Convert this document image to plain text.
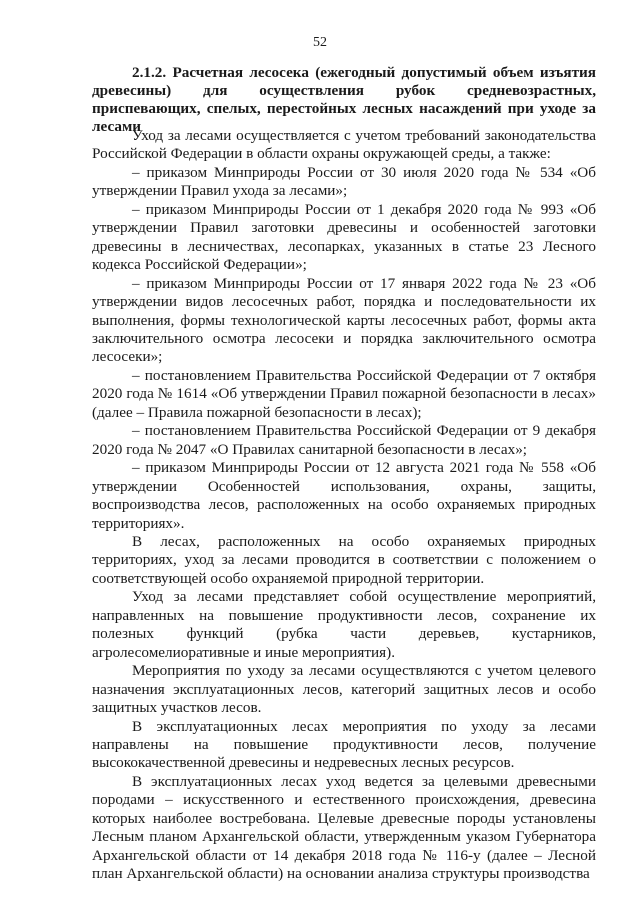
52
2.1.2. Расчетная лесосека (ежегодный допустимый объем изъятия древесины) для осуществления рубок средневозрастных, приспевающих, спелых, перестойных лесных насаждений при уходе за лесами

Уход за лесами осуществляется с учетом требований законодательства Российской Федерации в области охраны окружающей среды, а также:

– приказом Минприроды России от 30 июля 2020 года № 534 «Об утверждении Правил ухода за лесами»;

– приказом Минприроды России от 1 декабря 2020 года № 993 «Об утверждении Правил заготовки древесины и особенностей заготовки древесины в лесничествах, лесопарках, указанных в статье 23 Лесного кодекса Российской Федерации»;

– приказом Минприроды России от 17 января 2022 года № 23 «Об утверждении видов лесосечных работ, порядка и последовательности их выполнения, формы технологической карты лесосечных работ, формы акта заключительного осмотра лесосеки и порядка заключительного осмотра лесосеки»;

– постановлением Правительства Российской Федерации от 7 октября 2020 года № 1614 «Об утверждении Правил пожарной безопасности в лесах» (далее – Правила пожарной безопасности в лесах);

– постановлением Правительства Российской Федерации от 9 декабря 2020 года № 2047 «О Правилах санитарной безопасности в лесах»;

– приказом Минприроды России от 12 августа 2021 года № 558 «Об утверждении Особенностей использования, охраны, защиты, воспроизводства лесов, расположенных на особо охраняемых природных территориях».

В лесах, расположенных на особо охраняемых природных территориях, уход за лесами проводится в соответствии с положением о соответствующей особо охраняемой природной территории.

Уход за лесами представляет собой осуществление мероприятий, направленных на повышение продуктивности лесов, сохранение их полезных функций (рубка части деревьев, кустарников, агролесомелиоративные и иные мероприятия).

Мероприятия по уходу за лесами осуществляются с учетом целевого назначения эксплуатационных лесов, категорий защитных лесов и особо защитных участков лесов.

В эксплуатационных лесах мероприятия по уходу за лесами направлены на повышение продуктивности лесов, получение высококачественной древесины и недревесных лесных ресурсов.

В эксплуатационных лесах уход ведется за целевыми древесными породами – искусственного и естественного происхождения, древесина которых наиболее востребована. Целевые древесные породы установлены Лесным планом Архангельской области, утвержденным указом Губернатора Архангельской области от 14 декабря 2018 года № 116-у (далее – Лесной план Архангельской области) на основании анализа структуры производства
